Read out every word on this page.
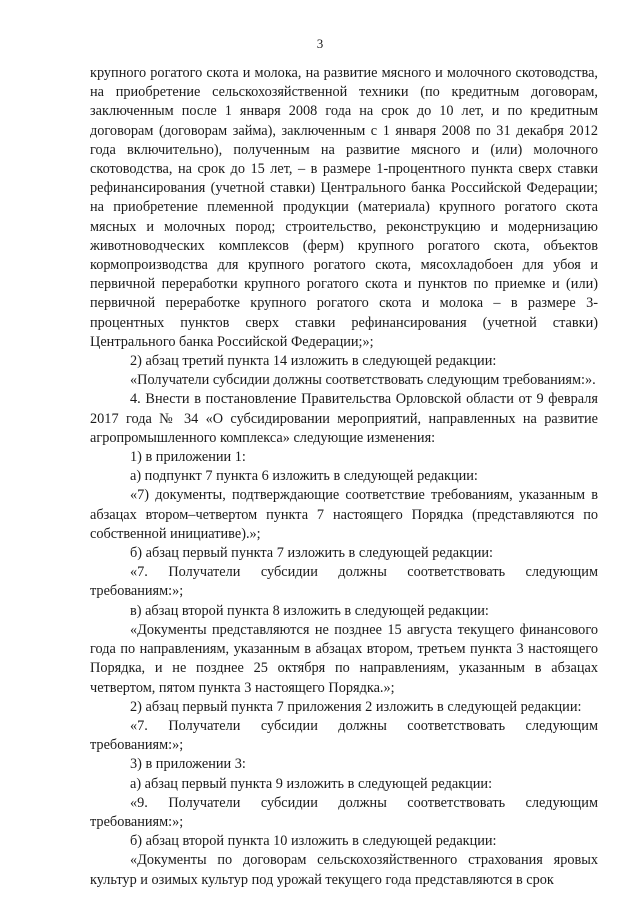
3

крупного рогатого скота и молока, на развитие мясного и молочного скотоводства, на приобретение сельскохозяйственной техники (по кредитным договорам, заключенным после 1 января 2008 года на срок до 10 лет, и по кредитным договорам (договорам займа), заключенным с 1 января 2008 по 31 декабря 2012 года включительно), полученным на развитие мясного и (или) молочного скотоводства, на срок до 15 лет, – в размере 1-процентного пункта сверх ставки рефинансирования (учетной ставки) Центрального банка Российской Федерации; на приобретение племенной продукции (материала) крупного рогатого скота мясных и молочных пород; строительство, реконструкцию и модернизацию животноводческих комплексов (ферм) крупного рогатого скота, объектов кормопроизводства для крупного рогатого скота, мясохладобоен для убоя и первичной переработки крупного рогатого скота и пунктов по приемке и (или) первичной переработке крупного рогатого скота и молока – в размере 3-процентных пунктов сверх ставки рефинансирования (учетной ставки) Центрального банка Российской Федерации;»;

2) абзац третий пункта 14 изложить в следующей редакции:

«Получатели субсидии должны соответствовать следующим требованиям:».

4. Внести в постановление Правительства Орловской области от 9 февраля 2017 года № 34 «О субсидировании мероприятий, направленных на развитие агропромышленного комплекса» следующие изменения:

1) в приложении 1:

а) подпункт 7 пункта 6 изложить в следующей редакции:

«7) документы, подтверждающие соответствие требованиям, указанным в абзацах втором–четвертом пункта 7 настоящего Порядка (представляются по собственной инициативе).»;

б) абзац первый пункта 7 изложить в следующей редакции:

«7. Получатели субсидии должны соответствовать следующим требованиям:»;

в) абзац второй пункта 8 изложить в следующей редакции:

«Документы представляются не позднее 15 августа текущего финансового года по направлениям, указанным в абзацах втором, третьем пункта 3 настоящего Порядка, и не позднее 25 октября по направлениям, указанным в абзацах четвертом, пятом пункта 3 настоящего Порядка.»;

2) абзац первый пункта 7 приложения 2 изложить в следующей редакции:

«7. Получатели субсидии должны соответствовать следующим требованиям:»;

3) в приложении 3:

а) абзац первый пункта 9 изложить в следующей редакции:

«9. Получатели субсидии должны соответствовать следующим требованиям:»;

б) абзац второй пункта 10 изложить в следующей редакции:

«Документы по договорам сельскохозяйственного страхования яровых культур и озимых культур под урожай текущего года представляются в срок
